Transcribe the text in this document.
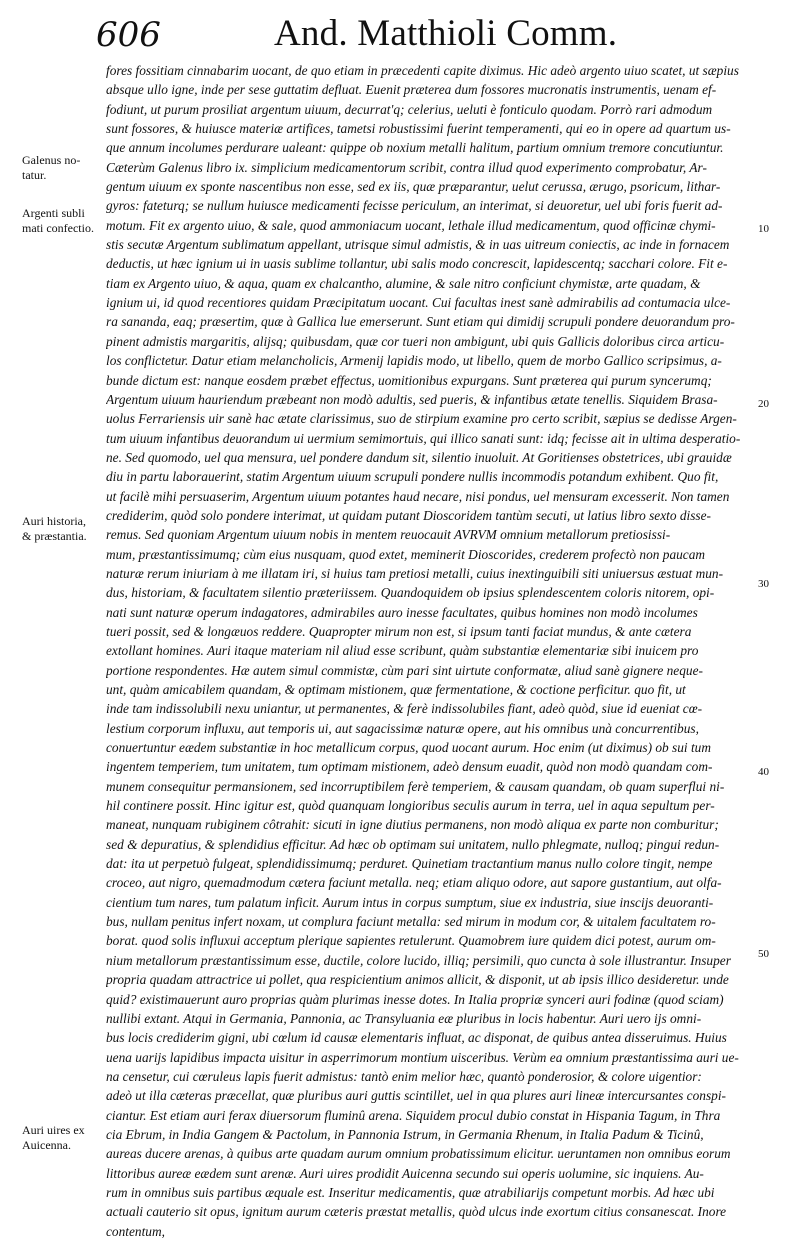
606	And. Matthioli Comm.
Galenus no-
tatur.
Argenti subli
mati confectio.
Auri historia,
& præstantia.
Auri uires ex
Auicenna.
10
20
30
40
50
fores fossitiam cinnabarim uocant, de quo etiam in præcedenti capite diximus. Hic adeò argento uiuo scatet, ut sæpius
absque ullo igne, inde per sese guttatim defluat. Euenit præterea dum fossores mucronatis instrumentis, uenam ef-
fodiunt, ut purum prosiliat argentum uiuum, decurrat'q; celerius, ueluti è fonticulo quodam. Porrò rari admodum
sunt fossores, & huiusce materiæ artifices, tametsi robustissimi fuerint temperamenti, qui eo in opere ad quartum us-
que annum incolumes perdurare ualeant: quippe ob noxium metalli halitum, partium omnium tremore concutiuntur.
Cæterùm Galenus libro ix. simplicium medicamentorum scribit, contra illud quod experimento comprobatur, Ar-
gentum uiuum ex sponte nascentibus non esse, sed ex iis, quæ præparantur, uelut cerussa, ærugo, psoricum, lithar-
gyros: fateturq; se nullum huiusce medicamenti fecisse periculum, an interimat, si deuoretur, uel ubi foris fuerit ad-
motum. Fit ex argento uiuo, & sale, quod ammoniacum uocant, lethale illud medicamentum, quod officinæ chymi-
stis secutæ Argentum sublimatum appellant, utrisque simul admistis, & in uas uitreum coniectis, ac inde in fornacem
deductis, ut hæc ignium ui in uasis sublime tollantur, ubi salis modo concrescit, lapidescentq; sacchari colore. Fit e-
tiam ex Argento uiuo, & aqua, quam ex chalcantho, alumine, & sale nitro conficiunt chymistæ, arte quadam, &
ignium ui, id quod recentiores quidam Præcipitatum uocant. Cui facultas inest sanè admirabilis ad contumacia ulce-
ra sananda, eaq; præsertim, quæ à Gallica lue emerserunt. Sunt etiam qui dimidij scrupuli pondere deuorandum pro-
pinent admistis margaritis, alijsq; quibusdam, quæ cor tueri non ambigunt, ubi quis Gallicis doloribus circa articu-
los conflictetur. Datur etiam melancholicis, Armenij lapidis modo, ut libello, quem de morbo Gallico scripsimus, a-
bunde dictum est: nanque eosdem præbet effectus, uomitionibus expurgans. Sunt præterea qui purum syncerumq;
Argentum uiuum hauriendum præbeant non modò adultis, sed pueris, & infantibus ætate tenellis. Siquidem Brasa-
uolus Ferrariensis uir sanè hac ætate clarissimus, suo de stirpium examine pro certo scribit, sæpius se dedisse Argen-
tum uiuum infantibus deuorandum ui uermium semimortuis, qui illico sanati sunt: idq; fecisse ait in ultima desperatio-
ne. Sed quomodo, uel qua mensura, uel pondere dandum sit, silentio inuoluit. At Goritienses obstetrices, ubi grauidæ
diu in partu laborauerint, statim Argentum uiuum scrupuli pondere nullis incommodis potandum exhibent. Quo fit,
ut facilè mihi persuaserim, Argentum uiuum potantes haud necare, nisi pondus, uel mensuram excesserit. Non tamen
crediderim, quòd solo pondere interimat, ut quidam putant Dioscoridem tantùm secuti, ut latius libro sexto disse-
remus. Sed quoniam Argentum uiuum nobis in mentem reuocauit AVRVM omnium metallorum pretiosissi-
mum, præstantissimumq; cùm eius nusquam, quod extet, meminerit Dioscorides, crederem profectò non paucam
naturæ rerum iniuriam à me illatam iri, si huius tam pretiosi metalli, cuius inextinguibili siti uniuersus æstuat mun-
dus, historiam, & facultatem silentio præteriissem. Quandoquidem ob ipsius splendescentem coloris nitorem, opi-
nati sunt naturæ operum indagatores, admirabiles auro inesse facultates, quibus homines non modò incolumes
tueri possit, sed & longæuos reddere. Quapropter mirum non est, si ipsum tanti faciat mundus, & ante cætera
extollant homines. Auri itaque materiam nil aliud esse scribunt, quàm substantiæ elementariæ sibi inuicem pro
portione respondentes. Hæ autem simul commistæ, cùm pari sint uirtute conformatæ, aliud sanè gignere neque-
unt, quàm amicabilem quandam, & optimam mistionem, quæ fermentatione, & coctione perficitur. quo fit, ut
inde tam indissolubili nexu uniantur, ut permanentes, & ferè indissolubiles fiant, adeò quòd, siue id eueniat cœ-
lestium corporum influxu, aut temporis ui, aut sagacissimæ naturæ opere, aut his omnibus unà concurrentibus,
conuertuntur eædem substantiæ in hoc metallicum corpus, quod uocant aurum. Hoc enim (ut diximus) ob sui tum
ingentem temperiem, tum unitatem, tum optimam mistionem, adeò densum euadit, quòd non modò quandam com-
munem consequitur permansionem, sed incorruptibilem ferè temperiem, & causam quandam, ob quam superflui ni-
hil continere possit. Hinc igitur est, quòd quanquam longioribus seculis aurum in terra, uel in aqua sepultum per-
maneat, nunquam rubiginem côtrahit: sicuti in igne diutius permanens, non modò aliqua ex parte non comburitur;
sed & depuratius, & splendidius efficitur. Ad hæc ob optimam sui unitatem, nullo phlegmate, nulloq; pingui redun-
dat: ita ut perpetuò fulgeat, splendidissimumq; perduret. Quinetiam tractantium manus nullo colore tingit, nempe
croceo, aut nigro, quemadmodum cætera faciunt metalla. neq; etiam aliquo odore, aut sapore gustantium, aut olfa-
cientium tum nares, tum palatum inficit. Aurum intus in corpus sumptum, siue ex industria, siue inscijs deuoranti-
bus, nullam penitus infert noxam, ut complura faciunt metalla: sed mirum in modum cor, & uitalem facultatem ro-
borat. quod solis influxui acceptum plerique sapientes retulerunt. Quamobrem iure quidem dici potest, aurum om-
nium metallorum præstantissimum esse, ductile, colore lucido, illiq; persimili, quo cuncta à sole illustrantur. Insuper
propria quadam attractrice ui pollet, qua respicientium animos allicit, & disponit, ut ab ipsis illico desideretur. unde
quid? existimauerunt auro proprias quàm plurimas inesse dotes. In Italia propriæ synceri auri fodinæ (quod sciam)
nullibi extant. Atqui in Germania, Pannonia, ac Transyluania eæ pluribus in locis habentur. Auri uero ijs omni-
bus locis crediderim gigni, ubi cœlum id causæ elementaris influat, ac disponat, de quibus antea disseruimus. Huius
uena uarijs lapidibus impacta uisitur in asperrimorum montium uisceribus. Verùm ea omnium præstantissima auri ue-
na censetur, cui cœruleus lapis fuerit admistus: tantò enim melior hæc, quantò ponderosior, & colore uigentior:
adeò ut illa cæteras præcellat, quæ pluribus auri guttis scintillet, uel in qua plures auri lineæ intercursantes conspi-
ciantur. Est etiam auri ferax diuersorum fluminû arena. Siquidem procul dubio constat in Hispania Tagum, in Thra
cia Ebrum, in India Gangem & Pactolum, in Pannonia Istrum, in Germania Rhenum, in Italia Padum & Ticinû,
aureas ducere arenas, à quibus arte quadam aurum omnium probatissimum elicitur. ueruntamen non omnibus eorum
littoribus aureæ eædem sunt arenæ. Auri uires prodidit Auicenna secundo sui operis uolumine, sic inquiens. Au-
rum in omnibus suis partibus æquale est. Inseritur medicamentis, quæ atrabiliarijs competunt morbis. Ad hæc ubi
actuali cauterio sit opus, ignitum aurum cæteris præstat metallis, quòd ulcus inde exortum citius consanescat. Inore
contentum,
